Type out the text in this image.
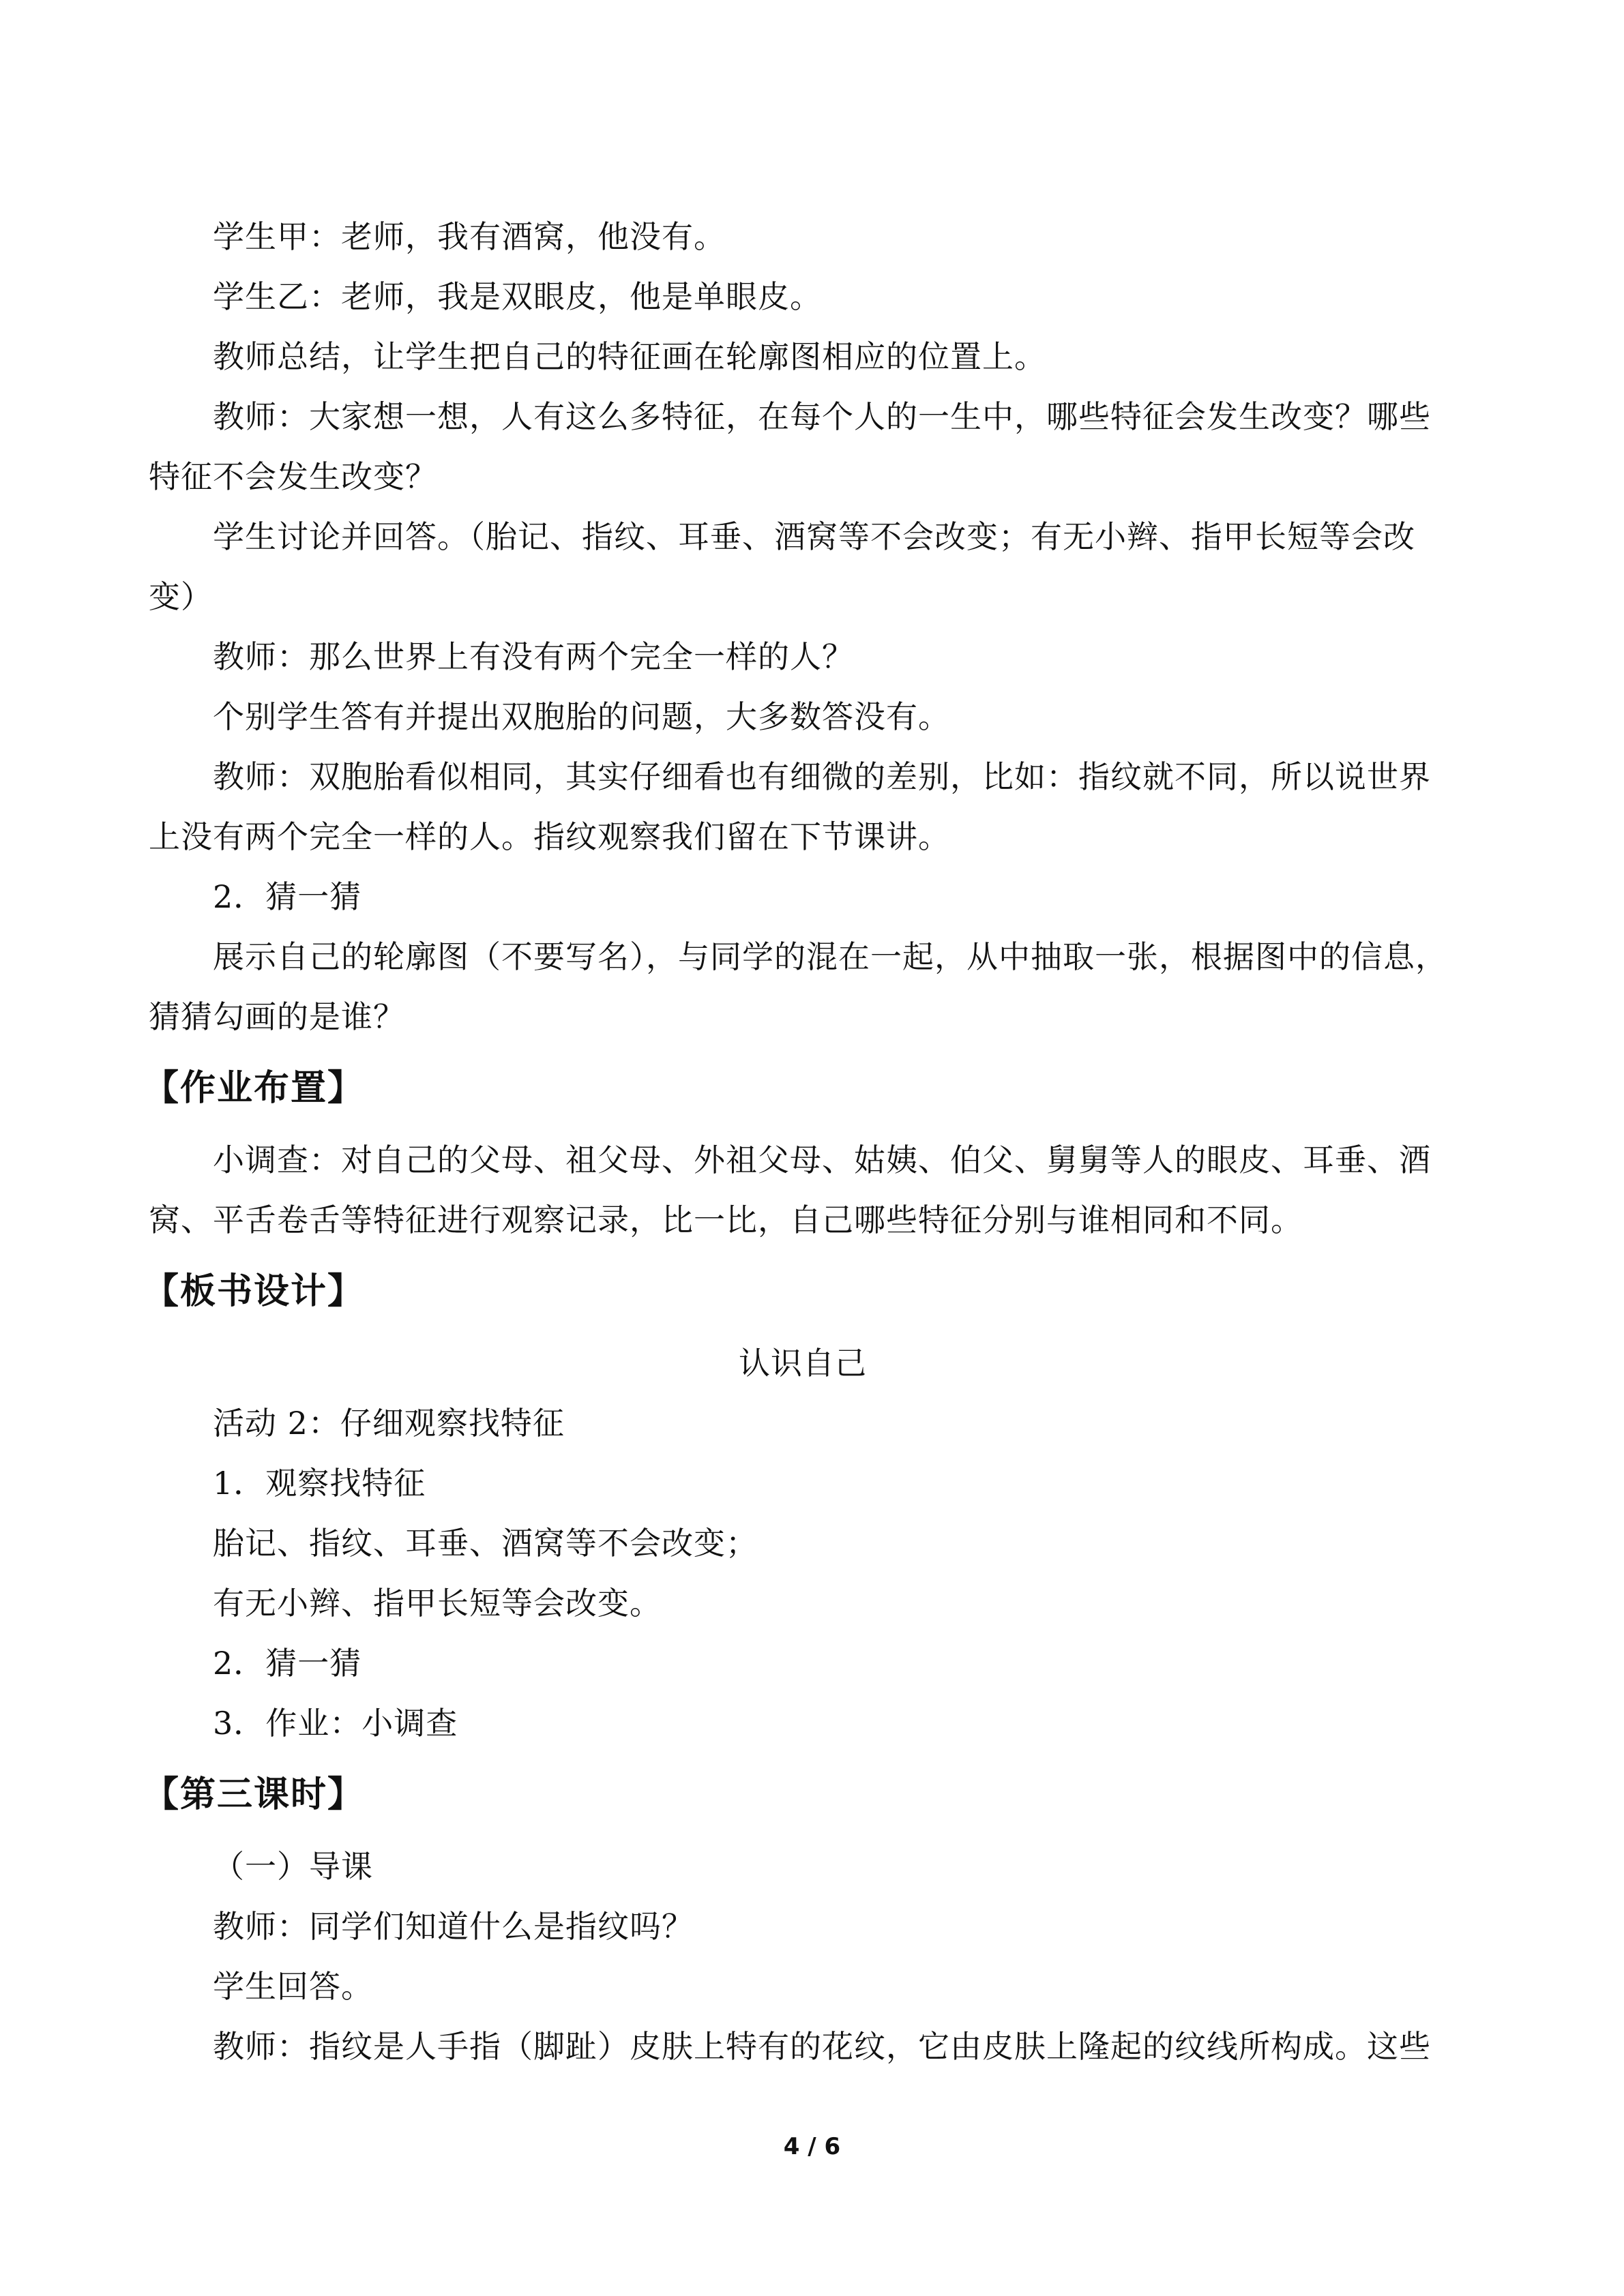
学生甲：老师，我有酒窝，他没有。

学生乙：老师，我是双眼皮，他是单眼皮。

教师总结，让学生把自己的特征画在轮廓图相应的位置上。

教师：大家想一想，人有这么多特征，在每个人的一生中，哪些特征会发生改变？哪些特征不会发生改变？

学生讨论并回答。（胎记、指纹、耳垂、酒窝等不会改变；有无小辫、指甲长短等会改变）

教师：那么世界上有没有两个完全一样的人？

个别学生答有并提出双胞胎的问题，大多数答没有。

教师：双胞胎看似相同，其实仔细看也有细微的差别，比如：指纹就不同，所以说世界上没有两个完全一样的人。指纹观察我们留在下节课讲。

2．猜一猜

展示自己的轮廓图（不要写名），与同学的混在一起，从中抽取一张，根据图中的信息，猜猜勾画的是谁？

【作业布置】

小调查：对自己的父母、祖父母、外祖父母、姑姨、伯父、舅舅等人的眼皮、耳垂、酒窝、平舌卷舌等特征进行观察记录，比一比，自己哪些特征分别与谁相同和不同。

【板书设计】

认识自己

活动 2：仔细观察找特征

1．观察找特征

胎记、指纹、耳垂、酒窝等不会改变；

有无小辫、指甲长短等会改变。

2．猜一猜

3．作业：小调查

【第三课时】

（一）导课

教师：同学们知道什么是指纹吗？

学生回答。

教师：指纹是人手指（脚趾）皮肤上特有的花纹，它由皮肤上隆起的纹线所构成。这些

4 / 6
